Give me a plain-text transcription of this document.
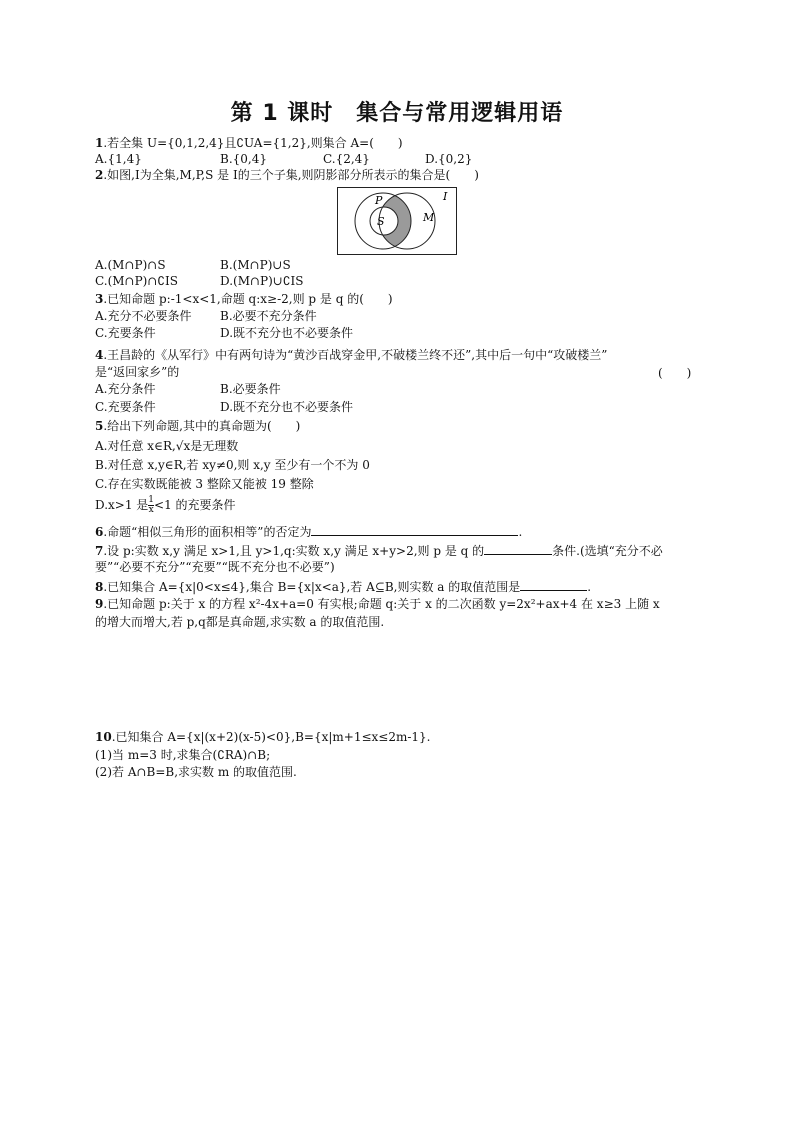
第 1 课时　集合与常用逻辑用语
1.若全集 U={0,1,2,4}且∁UA={1,2},则集合 A=(　　)
A.{1,4}	B.{0,4}	C.{2,4}	D.{0,2}
2.如图,I为全集,M,P,S 是 I的三个子集,则阴影部分所表示的集合是(　　)
I
P
S	M
A.(M∩P)∩S	B.(M∩P)∪S
C.(M∩P)∩∁IS	D.(M∩P)∪∁IS
3.已知命题 p:-1<x<1,命题 q:x≥-2,则 p 是 q 的(　　)
A.充分不必要条件 B.必要不充分条件
C.充要条件	D.既不充分也不必要条件
4.王昌龄的《从军行》中有两句诗为“黄沙百战穿金甲,不破楼兰终不还”,其中后一句中“攻破楼兰”
是“返回家乡”的	(　　)
A.充分条件	B.必要条件
C.充要条件	D.既不充分也不必要条件
5.给出下列命题,其中的真命题为(　　)
A.对任意 x∈R,√x是无理数
B.对任意 x,y∈R,若 xy≠0,则 x,y 至少有一个不为 0
C.存在实数既能被 3 整除又能被 19 整除
D.x>1 是 $\frac{1}{x} <1$ 的充要条件
6.命题“相似三角形的面积相等”的否定为	.
7.设 p:实数 x,y 满足 x>1,且 y>1,q:实数 x,y 满足 x+y>2,则 p 是 q 的	条件.(选填“充分不必
要”“必要不充分”“充要”“既不充分也不必要”)
8.已知集合 A={x|0<x≤4},集合 B={x|x<a},若 A⊆B,则实数 a 的取值范围是	.
9.已知命题 p:关于 x 的方程 x²-4x+a=0 有实根;命题 q:关于 x 的二次函数 y=2x²+ax+4 在 x≥3 上随 x
的增大而增大,若 p,q都是真命题,求实数 a 的取值范围.
10.已知集合 A={x|(x+2)(x-5)<0},B={x|m+1≤x≤2m-1}.
(1)当 m=3 时,求集合(∁RA)∩B;
(2)若 A∩B=B,求实数 m 的取值范围.
